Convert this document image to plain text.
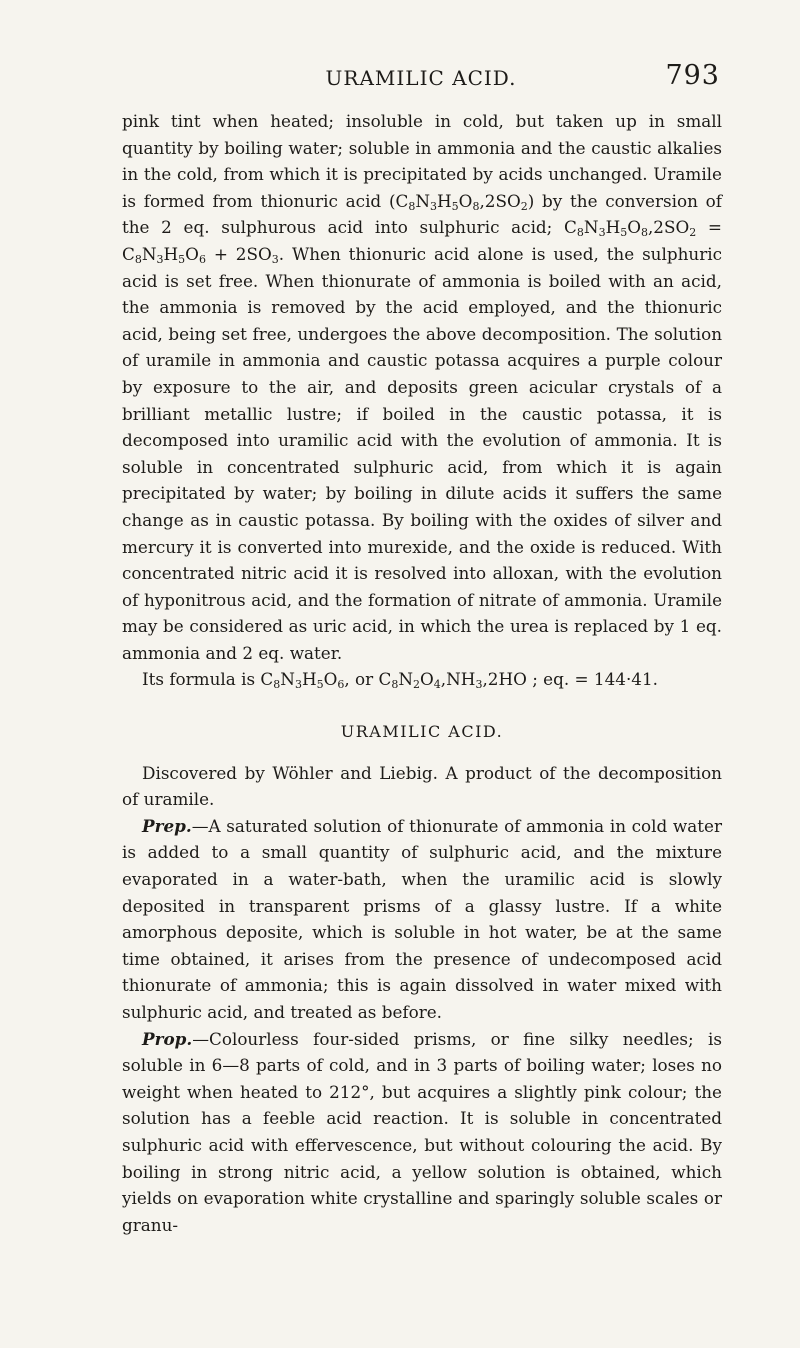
URAMILIC ACID.	793

pink tint when heated; insoluble in cold, but taken up in small quantity by boiling water; soluble in ammonia and the caustic alkalies in the cold, from which it is precipitated by acids unchanged. Uramile is formed from thionuric acid $(C_8N_3H_5O_8,2SO_2)$ by the conversion of the 2 eq. sulphurous acid into sulphuric acid; $C_8N_3H_5O_8,2SO_2 = C_8N_3H_5O_6 + 2SO_3$. When thionuric acid alone is used, the sulphuric acid is set free. When thionurate of ammonia is boiled with an acid, the ammonia is removed by the acid employed, and the thionuric acid, being set free, undergoes the above decomposition. The solution of uramile in ammonia and caustic potassa acquires a purple colour by exposure to the air, and deposits green acicular crystals of a brilliant metallic lustre; if boiled in the caustic potassa, it is decomposed into uramilic acid with the evolution of ammonia. It is soluble in concentrated sulphuric acid, from which it is again precipitated by water; by boiling in dilute acids it suffers the same change as in caustic potassa. By boiling with the oxides of silver and mercury it is converted into murexide, and the oxide is reduced. With concentrated nitric acid it is resolved into alloxan, with the evolution of hyponitrous acid, and the formation of nitrate of ammonia. Uramile may be considered as uric acid, in which the urea is replaced by 1 eq. ammonia and 2 eq. water.

Its formula is $C_8N_3H_5O_6$, or $C_8N_2O_4,NH_3,2HO$ ; eq. = 144·41.

URAMILIC ACID.

Discovered by Wöhler and Liebig. A product of the decomposition of uramile.

Prep.—A saturated solution of thionurate of ammonia in cold water is added to a small quantity of sulphuric acid, and the mixture evaporated in a water-bath, when the uramilic acid is slowly deposited in transparent prisms of a glassy lustre. If a white amorphous deposite, which is soluble in hot water, be at the same time obtained, it arises from the presence of undecomposed acid thionurate of ammonia; this is again dissolved in water mixed with sulphuric acid, and treated as before.

Prop.—Colourless four-sided prisms, or fine silky needles; is soluble in 6—8 parts of cold, and in 3 parts of boiling water; loses no weight when heated to 212°, but acquires a slightly pink colour; the solution has a feeble acid reaction. It is soluble in concentrated sulphuric acid with effervescence, but without colouring the acid. By boiling in strong nitric acid, a yellow solution is obtained, which yields on evaporation white crystalline and sparingly soluble scales or granu-
